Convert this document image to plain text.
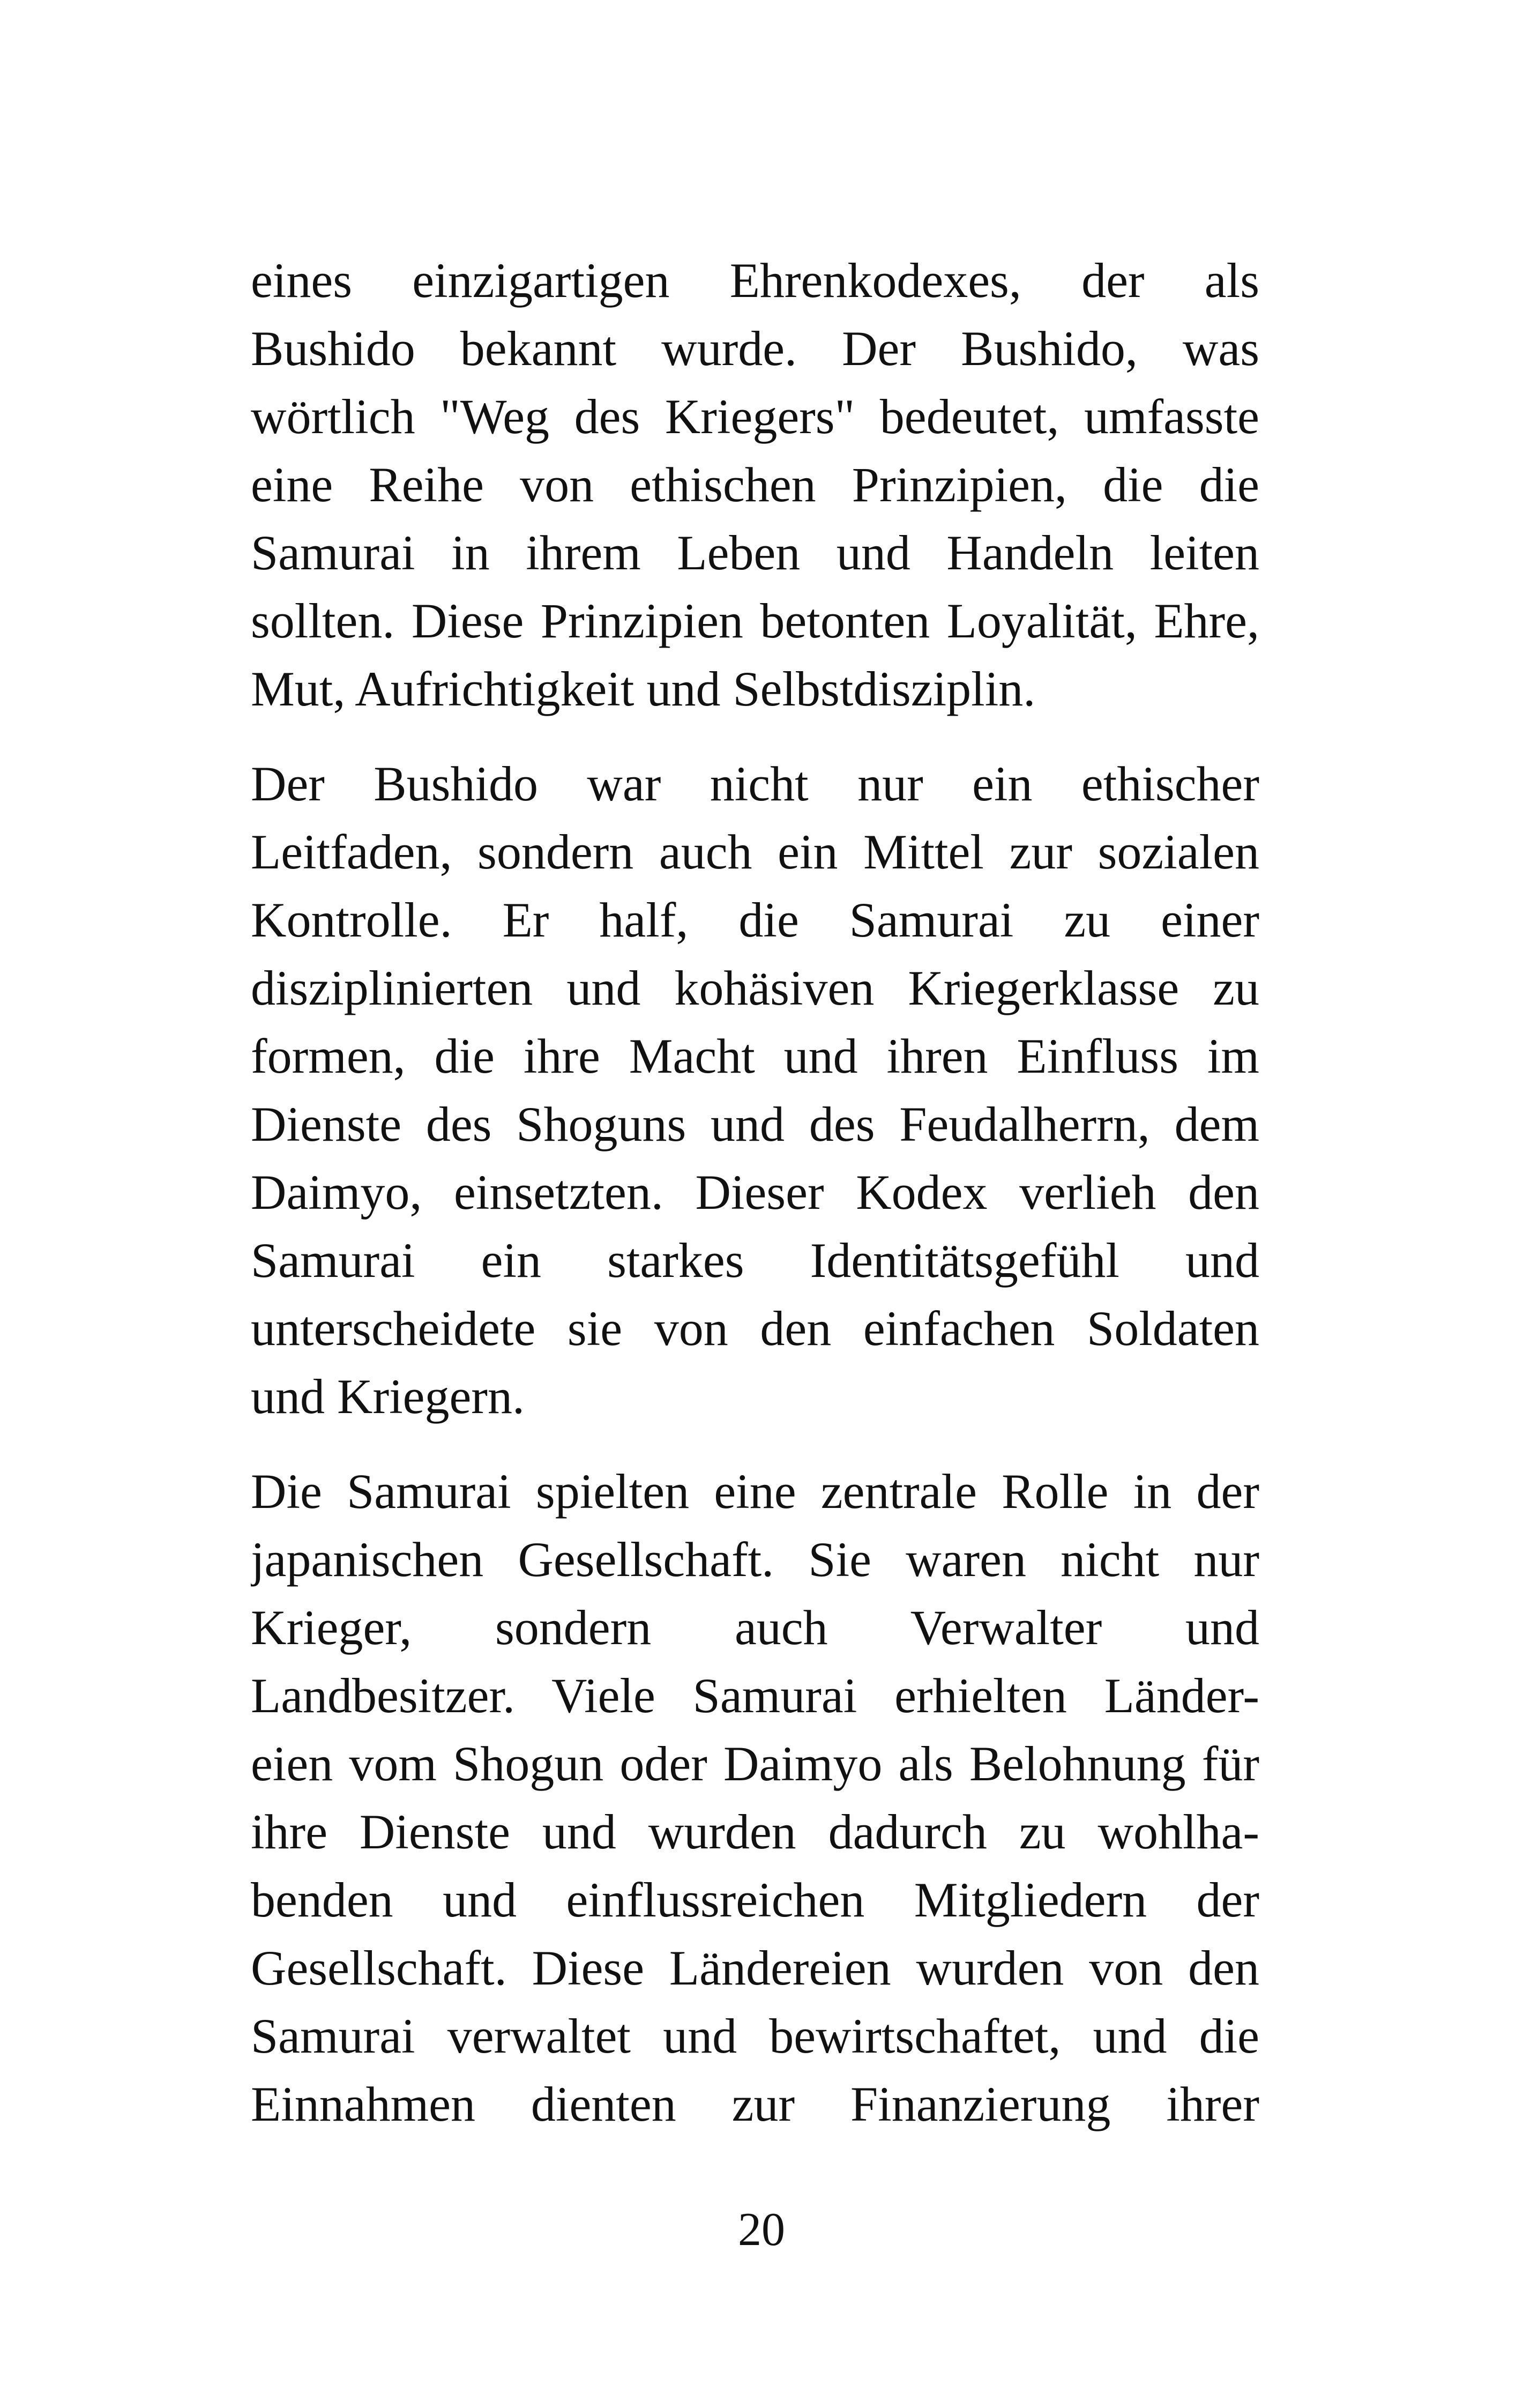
eines einzigartigen Ehrenkodexes, der als
Bushido bekannt wurde. Der Bushido, was
wörtlich "Weg des Kriegers" bedeutet, umfasste
eine Reihe von ethischen Prinzipien, die die
Samurai in ihrem Leben und Handeln leiten
sollten. Diese Prinzipien betonten Loyalität, Ehre,
Mut, Aufrichtigkeit und Selbstdisziplin.
Der Bushido war nicht nur ein ethischer
Leitfaden, sondern auch ein Mittel zur sozialen
Kontrolle. Er half, die Samurai zu einer
disziplinierten und kohäsiven Kriegerklasse zu
formen, die ihre Macht und ihren Einfluss im
Dienste des Shoguns und des Feudalherrn, dem
Daimyo, einsetzten. Dieser Kodex verlieh den
Samurai ein starkes Identitätsgefühl und
unterscheidete sie von den einfachen Soldaten
und Kriegern.
Die Samurai spielten eine zentrale Rolle in der
japanischen Gesellschaft. Sie waren nicht nur
Krieger, sondern auch Verwalter und
Landbesitzer. Viele Samurai erhielten Länder-
eien vom Shogun oder Daimyo als Belohnung für
ihre Dienste und wurden dadurch zu wohlha-
benden und einflussreichen Mitgliedern der
Gesellschaft. Diese Ländereien wurden von den
Samurai verwaltet und bewirtschaftet, und die
Einnahmen dienten zur Finanzierung ihrer
20
